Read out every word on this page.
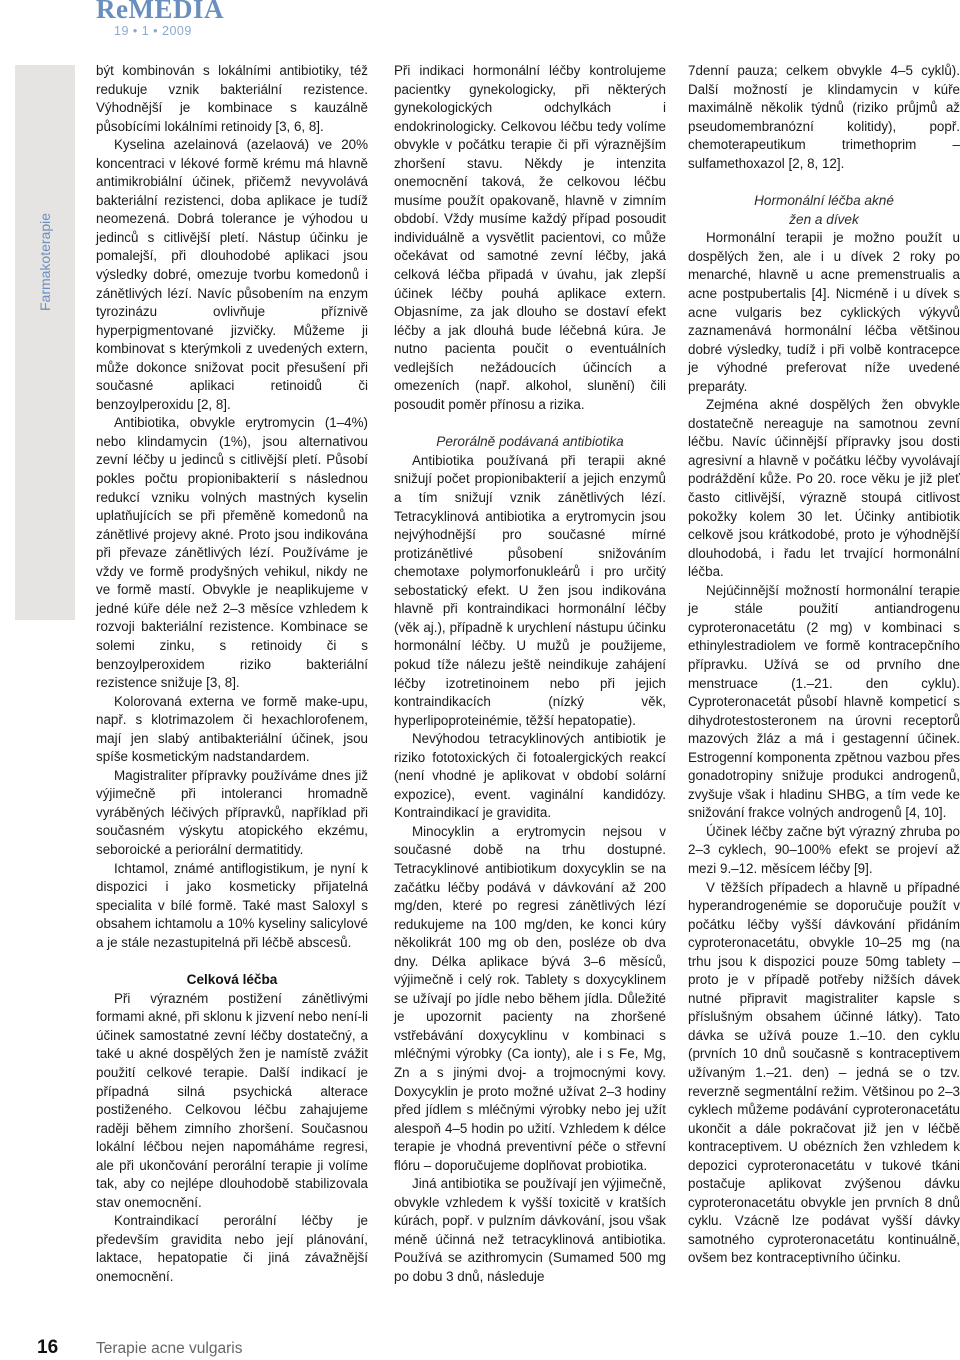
ReMEDIA
19 • 1 • 2009
Farmakoterapie

být kombinován s lokálními antibiotiky, též redukuje vznik bakteriální rezistence. Výhodnější je kombinace s kauzálně působícími lokálními retinoidy [3, 6, 8].

Kyselina azelainová (azelaová) ve 20% koncentraci v lékové formě krému má hlavně antimikrobiální účinek, přičemž nevyvolává bakteriální rezistenci, doba aplikace je tudíž neomezená. Dobrá tolerance je výhodou u jedinců s citlivější pletí. Nástup účinku je pomalejší, při dlouhodobé aplikaci jsou výsledky dobré, omezuje tvorbu komedonů i zánětlivých lézí. Navíc působením na enzym tyrozinázu ovlivňuje příznivě hyperpigmentované jizvičky. Můžeme ji kombinovat s kterýmkoli z uvedených extern, může dokonce snižovat pocit přesušení při současné aplikaci retinoidů či benzoylperoxidu [2, 8].

Antibiotika, obvykle erytromycin (1–4%) nebo klindamycin (1%), jsou alternativou zevní léčby u jedinců s citlivější pletí. Působí pokles počtu propionibakterií s následnou redukcí vzniku volných mastných kyselin uplatňujících se při přeměně komedonů na zánětlivé projevy akné. Proto jsou indikována při převaze zánětlivých lézí. Používáme je vždy ve formě prodyšných vehikul, nikdy ne ve formě mastí. Obvykle je neaplikujeme v jedné kúře déle než 2–3 měsíce vzhledem k rozvoji bakteriální rezistence. Kombinace se solemi zinku, s retinoidy či s benzoylperoxidem riziko bakteriální rezistence snižuje [3, 8].

Kolorovaná externa ve formě make-upu, např. s klotrimazolem či hexachlorofenem, mají jen slabý antibakteriální účinek, jsou spíše kosmetickým nadstandardem.

Magistraliter přípravky používáme dnes již výjimečně při intoleranci hromadně vyráběných léčivých přípravků, například při současném výskytu atopického ekzému, seboroické a periorální dermatitidy.

Ichtamol, známé antiflogistikum, je nyní k dispozici i jako kosmeticky přijatelná specialita v bílé formě. Také mast Saloxyl s obsahem ichtamolu a 10% kyseliny salicylové a je stále nezastupitelná při léčbě abscesů.

Celková léčba

Při výrazném postižení zánětlivými formami akné, při sklonu k jizvení nebo není-li účinek samostatné zevní léčby dostatečný, a také u akné dospělých žen je namístě zvážit použití celkové terapie. Další indikací je případná silná psychická alterace postiženého. Celkovou léčbu zahajujeme raději během zimního zhoršení. Současnou lokální léčbou nejen napomáháme regresi, ale při ukončování perorální terapie ji volíme tak, aby co nejlépe dlouhodobě stabilizovala stav onemocnění.

Kontraindikací perorální léčby je především gravidita nebo její plánování, laktace, hepatopatie či jiná závažnější onemocnění.

Při indikaci hormonální léčby kontrolujeme pacientky gynekologicky, při některých gynekologických odchylkách i endokrinologicky. Celkovou léčbu tedy volíme obvykle v počátku terapie či při výraznějším zhoršení stavu. Někdy je intenzita onemocnění taková, že celkovou léčbu musíme použít opakovaně, hlavně v zimním období. Vždy musíme každý případ posoudit individuálně a vysvětlit pacientovi, co může očekávat od samotné zevní léčby, jaká celková léčba připadá v úvahu, jak zlepší účinek léčby pouhá aplikace extern. Objasníme, za jak dlouho se dostaví efekt léčby a jak dlouhá bude léčebná kúra. Je nutno pacienta poučit o eventuálních vedlejších nežádoucích účincích a omezeních (např. alkohol, slunění) čili posoudit poměr přínosu a rizika.

Perorálně podávaná antibiotika

Antibiotika používaná při terapii akné snižují počet propionibakterií a jejich enzymů a tím snižují vznik zánětlivých lézí. Tetracyklinová antibiotika a erytromycin jsou nejvýhodnější pro současné mírné protizánětlivé působení snižováním chemotaxe polymorfonukleárů i pro určitý sebostatický efekt. U žen jsou indikována hlavně při kontraindikaci hormonální léčby (věk aj.), případně k urychlení nástupu účinku hormonální léčby. U mužů je použijeme, pokud tíže nálezu ještě neindikuje zahájení léčby izotretinoinem nebo při jejich kontraindikacích (nízký věk, hyperlipoproteinémie, těžší hepatopatie).

Nevýhodou tetracyklinových antibiotik je riziko fototoxických či fotoalergických reakcí (není vhodné je aplikovat v období solární expozice), event. vaginální kandidózy. Kontraindikací je gravidita.

Minocyklin a erytromycin nejsou v současné době na trhu dostupné. Tetracyklinové antibiotikum doxycyklin se na začátku léčby podává v dávkování až 200 mg/den, které po regresi zánětlivých lézí redukujeme na 100 mg/den, ke konci kúry několikrát 100 mg ob den, posléze ob dva dny. Délka aplikace bývá 3–6 měsíců, výjimečně i celý rok. Tablety s doxycyklinem se užívají po jídle nebo během jídla. Důležité je upozornit pacienty na zhoršené vstřebávání doxycyklinu v kombinaci s mléčnými výrobky (Ca ionty), ale i s Fe, Mg, Zn a s jinými dvoj- a trojmocnými kovy. Doxycyklin je proto možné užívat 2–3 hodiny před jídlem s mléčnými výrobky nebo jej užít alespoň 4–5 hodin po užití. Vzhledem k délce terapie je vhodná preventivní péče o střevní flóru – doporučujeme doplňovat probiotika.

Jiná antibiotika se používají jen výjimečně, obvykle vzhledem k vyšší toxicitě v kratších kúrách, popř. v pulzním dávkování, jsou však méně účinná než tetracyklinová antibiotika. Používá se azithromycin (Sumamed 500 mg po dobu 3 dnů, následuje

7denní pauza; celkem obvykle 4–5 cyklů). Další možností je klindamycin v kúře maximálně několik týdnů (riziko průjmů až pseudomembranózní kolitidy), popř. chemoterapeutikum trimethoprim – sulfamethoxazol [2, 8, 12].

Hormonální léčba akné
žen a dívek

Hormonální terapii je možno použít u dospělých žen, ale i u dívek 2 roky po menarché, hlavně u acne premenstrualis a acne postpubertalis [4]. Nicméně i u dívek s acne vulgaris bez cyklických výkyvů zaznamenává hormonální léčba většinou dobré výsledky, tudíž i při volbě kontracepce je výhodné preferovat níže uvedené preparáty.

Zejména akné dospělých žen obvykle dostatečně nereaguje na samotnou zevní léčbu. Navíc účinnější přípravky jsou dosti agresivní a hlavně v počátku léčby vyvolávají podráždění kůže. Po 20. roce věku je již pleť často citlivější, výrazně stoupá citlivost pokožky kolem 30 let. Účinky antibiotik celkově jsou krátkodobé, proto je výhodnější dlouhodobá, i řadu let trvající hormonální léčba.

Nejúčinnější možností hormonální terapie je stále použití antiandrogenu cyproteronacetátu (2 mg) v kombinaci s ethinylestradiolem ve formě kontracepčního přípravku. Užívá se od prvního dne menstruace (1.–21. den cyklu). Cyproteronacetát působí hlavně kompeticí s dihydrotestosteronem na úrovni receptorů mazových žláz a má i gestagenní účinek. Estrogenní komponenta zpětnou vazbou přes gonadotropiny snižuje produkci androgenů, zvyšuje však i hladinu SHBG, a tím vede ke snižování frakce volných androgenů [4, 10].

Účinek léčby začne být výrazný zhruba po 2–3 cyklech, 90–100% efekt se projeví až mezi 9.–12. měsícem léčby [9].

V těžších případech a hlavně u případné hyperandrogenémie se doporučuje použít v počátku léčby vyšší dávkování přidáním cyproteronacetátu, obvykle 10–25 mg (na trhu jsou k dispozici pouze 50mg tablety – proto je v případě potřeby nižších dávek nutné připravit magistraliter kapsle s příslušným obsahem účinné látky). Tato dávka se užívá pouze 1.–10. den cyklu (prvních 10 dnů současně s kontraceptivem užívaným 1.–21. den) – jedná se o tzv. reverzně segmentální režim. Většinou po 2–3 cyklech můžeme podávání cyproteronacetátu ukončit a dále pokračovat již jen v léčbě kontraceptivem. U obézních žen vzhledem k depozici cyproteronacetátu v tukové tkáni postačuje aplikovat zvýšenou dávku cyproteronacetátu obvykle jen prvních 8 dnů cyklu. Vzácně lze podávat vyšší dávky samotného cyproteronacetátu kontinuálně, ovšem bez kontraceptivního účinku.

16 Terapie acne vulgaris
